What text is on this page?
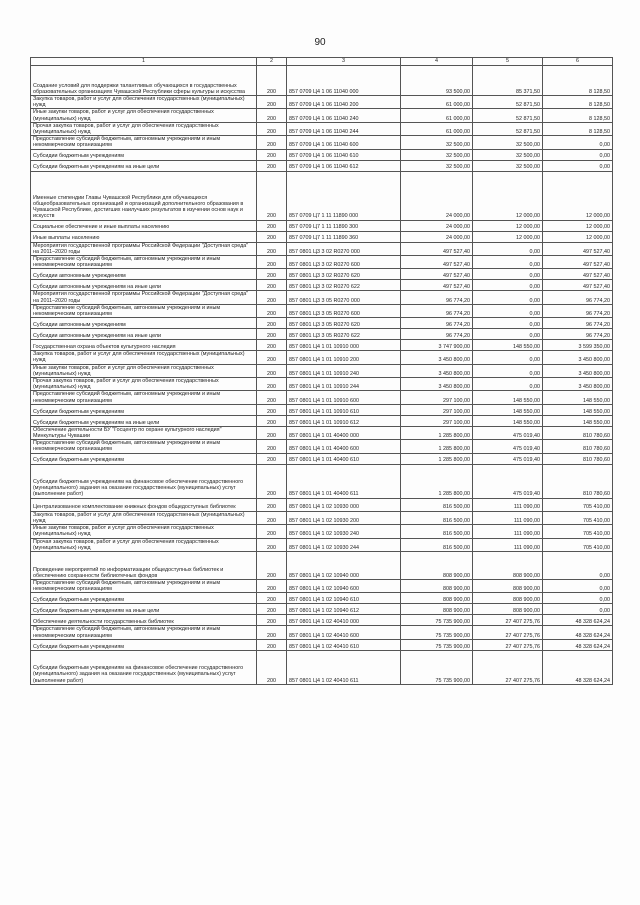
90
1	2	3	4	5	6
Создание условий для поддержки талантливых обучающихся в государственных образовательных организациях Чувашской Республики сферы культуры и искусства	200	857 0709 Ц4 1 06 11040 000	93 500,00	85 371,50	8 128,50
Закупка товаров, работ и услуг для обеспечения государственных (муниципальных) нужд	200	857 0709 Ц4 1 06 11040 200	61 000,00	52 871,50	8 128,50
Иные закупки товаров, работ и услуг для обеспечения государственных (муниципальных) нужд	200	857 0709 Ц4 1 06 11040 240	61 000,00	52 871,50	8 128,50
Прочая закупка товаров, работ и услуг для обеспечения государственных (муниципальных) нужд	200	857 0709 Ц4 1 06 11040 244	61 000,00	52 871,50	8 128,50
Предоставление субсидий бюджетным, автономным учреждениям и иным некоммерческим организациям	200	857 0709 Ц4 1 06 11040 600	32 500,00	32 500,00	0,00
Субсидии бюджетным учреждениям	200	857 0709 Ц4 1 06 11040 610	32 500,00	32 500,00	0,00
Субсидии бюджетным учреждениям на иные цели	200	857 0709 Ц4 1 06 11040 612	32 500,00	32 500,00	0,00
Именные стипендии Главы Чувашской Республики для обучающихся общеобразовательных организаций и организаций дополнительного образования в Чувашской Республике, достигших наилучших результатов в изучении основ наук и искусств	200	857 0709 Ц7 1 11 11890 000	24 000,00	12 000,00	12 000,00
Социальное обеспечение и иные выплаты населению	200	857 0709 Ц7 1 11 11890 300	24 000,00	12 000,00	12 000,00
Иные выплаты населению	200	857 0709 Ц7 1 11 11890 360	24 000,00	12 000,00	12 000,00
Мероприятия государственной программы Российской Федерации "Доступная среда" на 2011–2020 годы	200	857 0801 Ц3 3 02 R0270 000	497 527,40	0,00	497 527,40
Предоставление субсидий бюджетным, автономным учреждениям и иным некоммерческим организациям	200	857 0801 Ц3 3 02 R0270 600	497 527,40	0,00	497 527,40
Субсидии автономным учреждениям	200	857 0801 Ц3 3 02 R0270 620	497 527,40	0,00	497 527,40
Субсидии автономным учреждениям на иные цели	200	857 0801 Ц3 3 02 R0270 622	497 527,40	0,00	497 527,40
Мероприятия государственной программы Российской Федерации "Доступная среда" на 2011–2020 годы	200	857 0801 Ц3 3 05 R0270 000	96 774,20	0,00	96 774,20
Предоставление субсидий бюджетным, автономным учреждениям и иным некоммерческим организациям	200	857 0801 Ц3 3 05 R0270 600	96 774,20	0,00	96 774,20
Субсидии автономным учреждениям	200	857 0801 Ц3 3 05 R0270 620	96 774,20	0,00	96 774,20
Субсидии автономным учреждениям на иные цели	200	857 0801 Ц3 3 05 R0270 622	96 774,20	0,00	96 774,20
Государственная охрана объектов культурного наследия	200	857 0801 Ц4 1 01 10910 000	3 747 900,00	148 550,00	3 599 350,00
Закупка товаров, работ и услуг для обеспечения государственных (муниципальных) нужд	200	857 0801 Ц4 1 01 10910 200	3 450 800,00	0,00	3 450 800,00
Иные закупки товаров, работ и услуг для обеспечения государственных (муниципальных) нужд	200	857 0801 Ц4 1 01 10910 240	3 450 800,00	0,00	3 450 800,00
Прочая закупка товаров, работ и услуг для обеспечения государственных (муниципальных) нужд	200	857 0801 Ц4 1 01 10910 244	3 450 800,00	0,00	3 450 800,00
Предоставление субсидий бюджетным, автономным учреждениям и иным некоммерческим организациям	200	857 0801 Ц4 1 01 10910 600	297 100,00	148 550,00	148 550,00
Субсидии бюджетным учреждениям	200	857 0801 Ц4 1 01 10910 610	297 100,00	148 550,00	148 550,00
Субсидии бюджетным учреждениям на иные цели	200	857 0801 Ц4 1 01 10910 612	297 100,00	148 550,00	148 550,00
Обеспечение деятельности БУ "Госцентр по охране культурного наследия" Минкультуры Чувашии	200	857 0801 Ц4 1 01 40400 000	1 285 800,00	475 019,40	810 780,60
Предоставление субсидий бюджетным, автономным учреждениям и иным некоммерческим организациям	200	857 0801 Ц4 1 01 40400 600	1 285 800,00	475 019,40	810 780,60
Субсидии бюджетным учреждениям	200	857 0801 Ц4 1 01 40400 610	1 285 800,00	475 019,40	810 780,60
Субсидии бюджетным учреждениям на финансовое обеспечение государственного (муниципального) задания на оказание государственных (муниципальных) услуг (выполнение работ)	200	857 0801 Ц4 1 01 40400 611	1 285 800,00	475 019,40	810 780,60
Централизованное комплектование книжных фондов общедоступных библиотек	200	857 0801 Ц4 1 02 10930 000	816 500,00	111 090,00	705 410,00
Закупка товаров, работ и услуг для обеспечения государственных (муниципальных) нужд	200	857 0801 Ц4 1 02 10930 200	816 500,00	111 090,00	705 410,00
Иные закупки товаров, работ и услуг для обеспечения государственных (муниципальных) нужд	200	857 0801 Ц4 1 02 10930 240	816 500,00	111 090,00	705 410,00
Прочая закупка товаров, работ и услуг для обеспечения государственных (муниципальных) нужд	200	857 0801 Ц4 1 02 10930 244	816 500,00	111 090,00	705 410,00
Проведение мероприятий по информатизации общедоступных библиотек и обеспечению сохранности библиотечных фондов	200	857 0801 Ц4 1 02 10940 000	808 900,00	808 900,00	0,00
Предоставление субсидий бюджетным, автономным учреждениям и иным некоммерческим организациям	200	857 0801 Ц4 1 02 10940 600	808 900,00	808 900,00	0,00
Субсидии бюджетным учреждениям	200	857 0801 Ц4 1 02 10940 610	808 900,00	808 900,00	0,00
Субсидии бюджетным учреждениям на иные цели	200	857 0801 Ц4 1 02 10940 612	808 900,00	808 900,00	0,00
Обеспечение деятельности государственных библиотек	200	857 0801 Ц4 1 02 40410 000	75 735 900,00	27 407 275,76	48 328 624,24
Предоставление субсидий бюджетным, автономным учреждениям и иным некоммерческим организациям	200	857 0801 Ц4 1 02 40410 600	75 735 900,00	27 407 275,76	48 328 624,24
Субсидии бюджетным учреждениям	200	857 0801 Ц4 1 02 40410 610	75 735 900,00	27 407 275,76	48 328 624,24
Субсидии бюджетным учреждениям на финансовое обеспечение государственного (муниципального) задания на оказание государственных (муниципальных) услуг (выполнение работ)	200	857 0801 Ц4 1 02 40410 611	75 735 900,00	27 407 275,76	48 328 624,24
